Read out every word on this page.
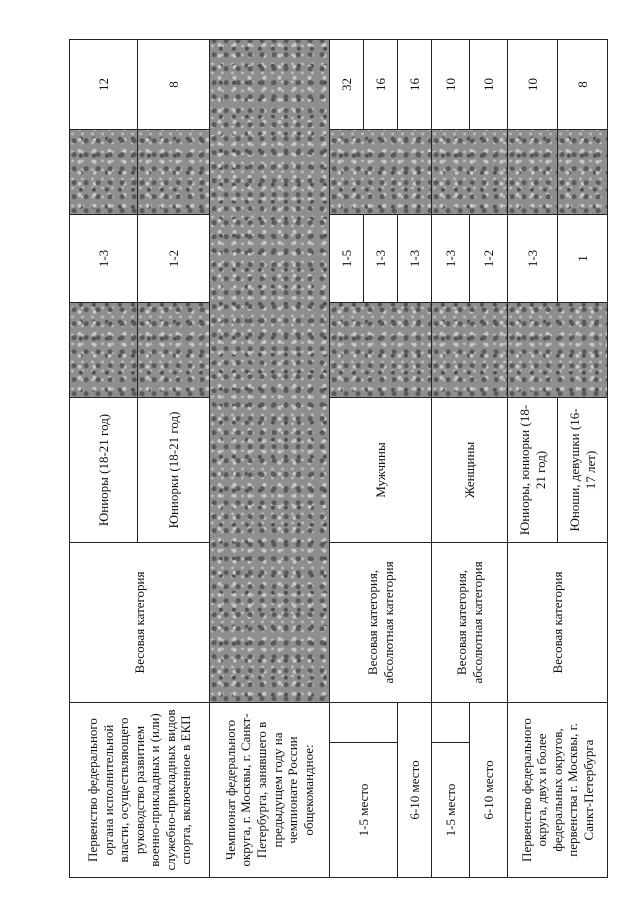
Первенство федерального органа исполнительной власти, осуществляющего руководство развитием военно-прикладных и (или) служебно-прикладных видов спорта, включенное в ЕКП		Весовая категория	Юниоры (18-21 год)		1-3		12
			Юниорки (18-21 год)		1-2		8
Чемпионат федерального округа, г. Москвы, г. Санкт-Петербурга, занявшего в предыдущем году на чемпионате России общекомандное:							
1-5 место		Весовая категория, абсолютная категория	Мужчины		1-5		32
					1-3		16
6-10 место					1-3		16
1-5 место		Весовая категория, абсолютная категория	Женщины		1-3		10
6-10 место					1-2		10
Первенство федерального округа, двух и более федеральных округов, первенства г. Москвы, г. Санкт-Петербурга		Весовая категория	Юниоры, юниорки (18-21 год)		1-3		10
			Юноши, девушки (16-17 лет)		1		8
